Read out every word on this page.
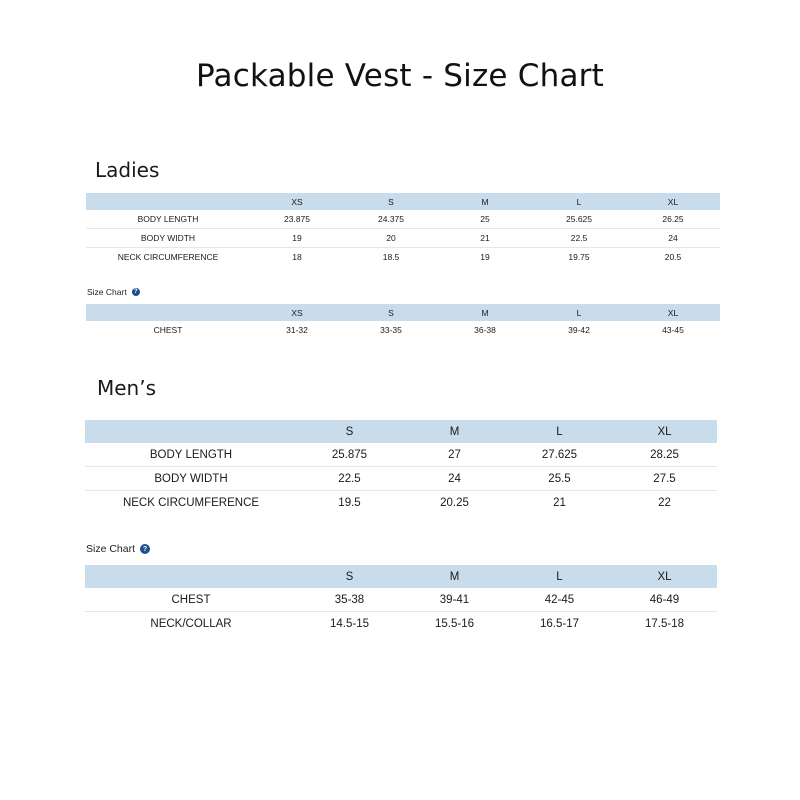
Packable Vest - Size Chart
Ladies
	XS	S	M	L	XL
BODY LENGTH	23.875	24.375	25	25.625	26.25
BODY WIDTH	19	20	21	22.5	24
NECK CIRCUMFERENCE	18	18.5	19	19.75	20.5
Size Chart	?
	XS	S	M	L	XL
CHEST	31-32	33-35	36-38	39-42	43-45
Men’s
	S	M	L	XL
BODY LENGTH	25.875	27	27.625	28.25
BODY WIDTH	22.5	24	25.5	27.5
NECK CIRCUMFERENCE	19.5	20.25	21	22
Size Chart	?
	S	M	L	XL
CHEST	35-38	39-41	42-45	46-49
NECK/COLLAR	14.5-15	15.5-16	16.5-17	17.5-18
